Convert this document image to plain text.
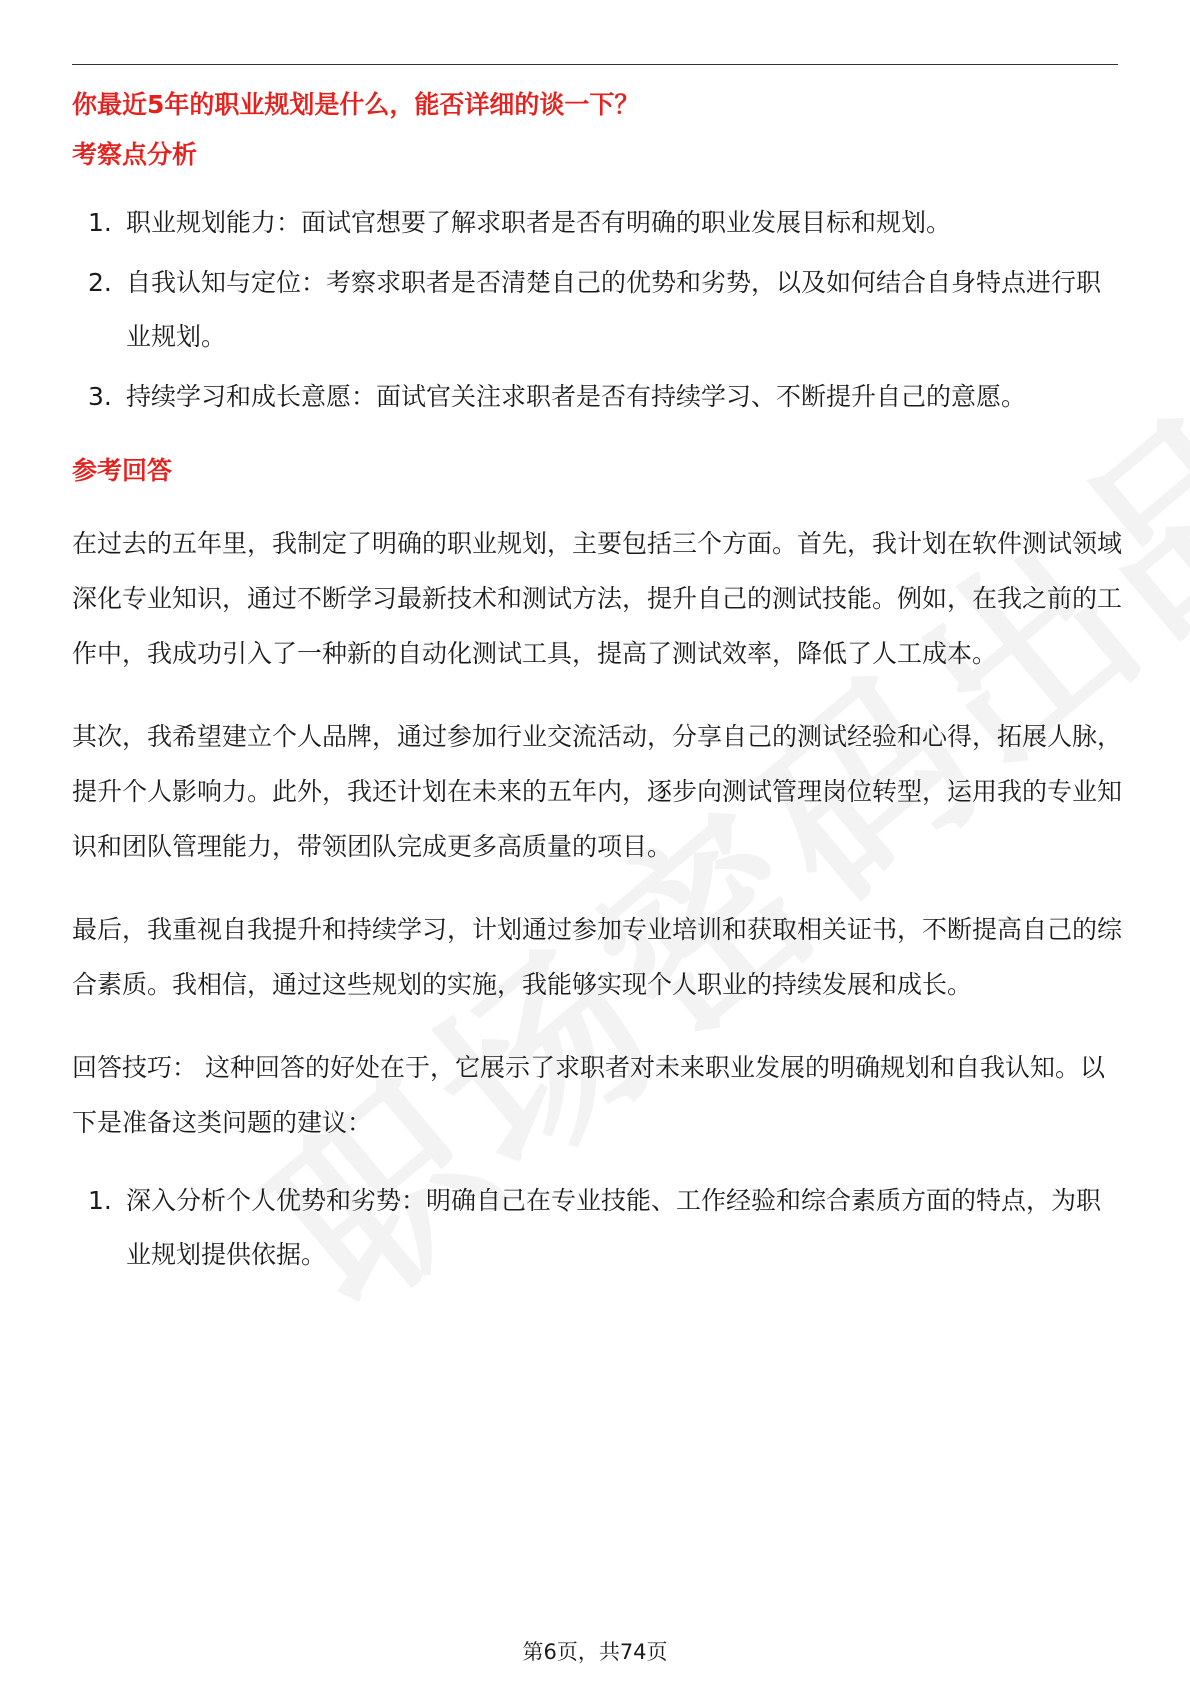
你最近5年的职业规划是什么，能否详细的谈一下？

考察点分析

1. 职业规划能力：面试官想要了解求职者是否有明确的职业发展目标和规划。
2. 自我认知与定位：考察求职者是否清楚自己的优势和劣势，以及如何结合自身特点进行职业规划。
3. 持续学习和成长意愿：面试官关注求职者是否有持续学习、不断提升自己的意愿。

参考回答

在过去的五年里，我制定了明确的职业规划，主要包括三个方面。首先，我计划在软件测试领域深化专业知识，通过不断学习最新技术和测试方法，提升自己的测试技能。例如，在我之前的工作中，我成功引入了一种新的自动化测试工具，提高了测试效率，降低了人工成本。

其次，我希望建立个人品牌，通过参加行业交流活动，分享自己的测试经验和心得，拓展人脉，提升个人影响力。此外，我还计划在未来的五年内，逐步向测试管理岗位转型，运用我的专业知识和团队管理能力，带领团队完成更多高质量的项目。

最后，我重视自我提升和持续学习，计划通过参加专业培训和获取相关证书，不断提高自己的综合素质。我相信，通过这些规划的实施，我能够实现个人职业的持续发展和成长。

回答技巧： 这种回答的好处在于，它展示了求职者对未来职业发展的明确规划和自我认知。以下是准备这类问题的建议：

1. 深入分析个人优势和劣势：明确自己在专业技能、工作经验和综合素质方面的特点，为职业规划提供依据。
第6页，共74页
